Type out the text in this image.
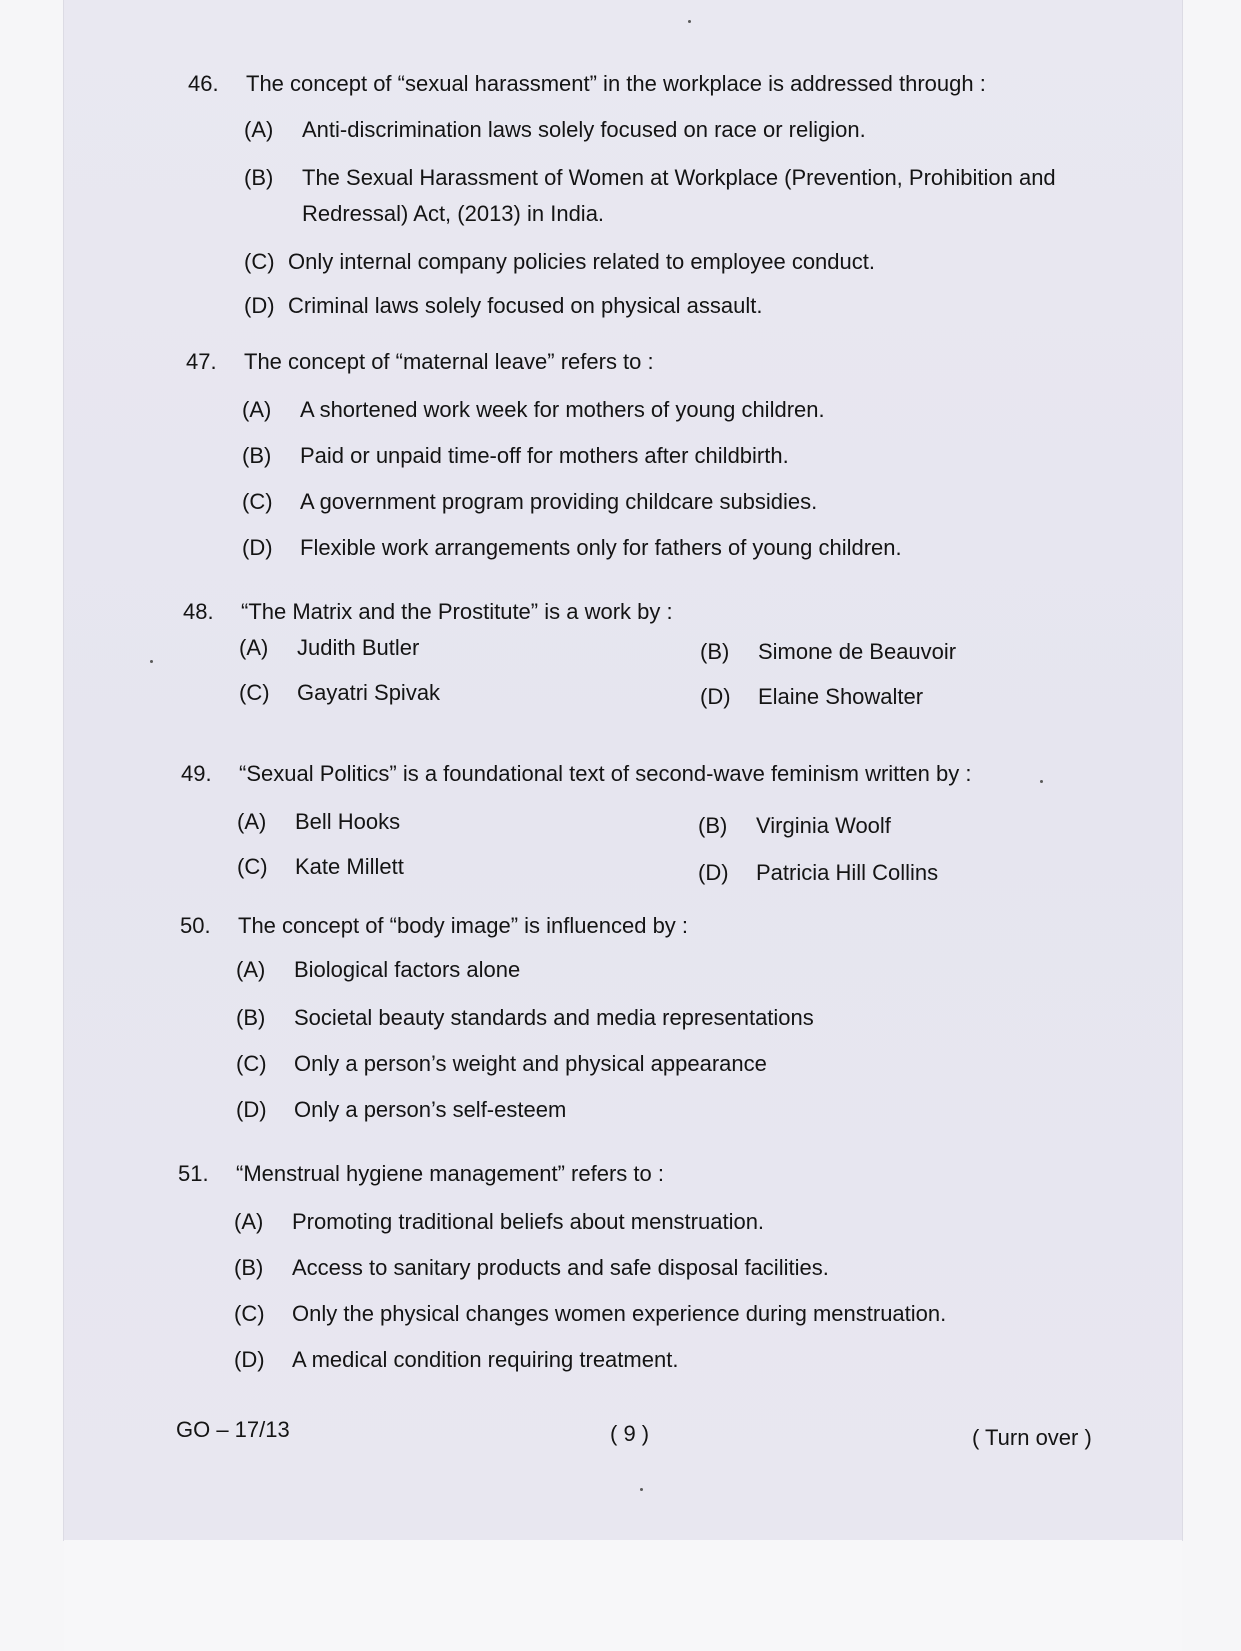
46. The concept of “sexual harassment” in the workplace is addressed through :
(A) Anti-discrimination laws solely focused on race or religion.
(B) The Sexual Harassment of Women at Workplace (Prevention, Prohibition and
Redressal) Act, (2013) in India.
(C) Only internal company policies related to employee conduct.
(D) Criminal laws solely focused on physical assault.
47. The concept of “maternal leave” refers to :
(A) A shortened work week for mothers of young children.
(B) Paid or unpaid time-off for mothers after childbirth.
(C) A government program providing childcare subsidies.
(D) Flexible work arrangements only for fathers of young children.
48. “The Matrix and the Prostitute” is a work by :
(A) Judith Butler	(B) Simone de Beauvoir
(C) Gayatri Spivak	(D) Elaine Showalter
49. “Sexual Politics” is a foundational text of second-wave feminism written by :
(A) Bell Hooks	(B) Virginia Woolf
(C) Kate Millett	(D) Patricia Hill Collins
50. The concept of “body image” is influenced by :
(A) Biological factors alone
(B) Societal beauty standards and media representations
(C) Only a person’s weight and physical appearance
(D) Only a person’s self-esteem
51. “Menstrual hygiene management” refers to :
(A) Promoting traditional beliefs about menstruation.
(B) Access to sanitary products and safe disposal facilities.
(C) Only the physical changes women experience during menstruation.
(D) A medical condition requiring treatment.
GO – 17/13	( 9 )	( Turn over )
